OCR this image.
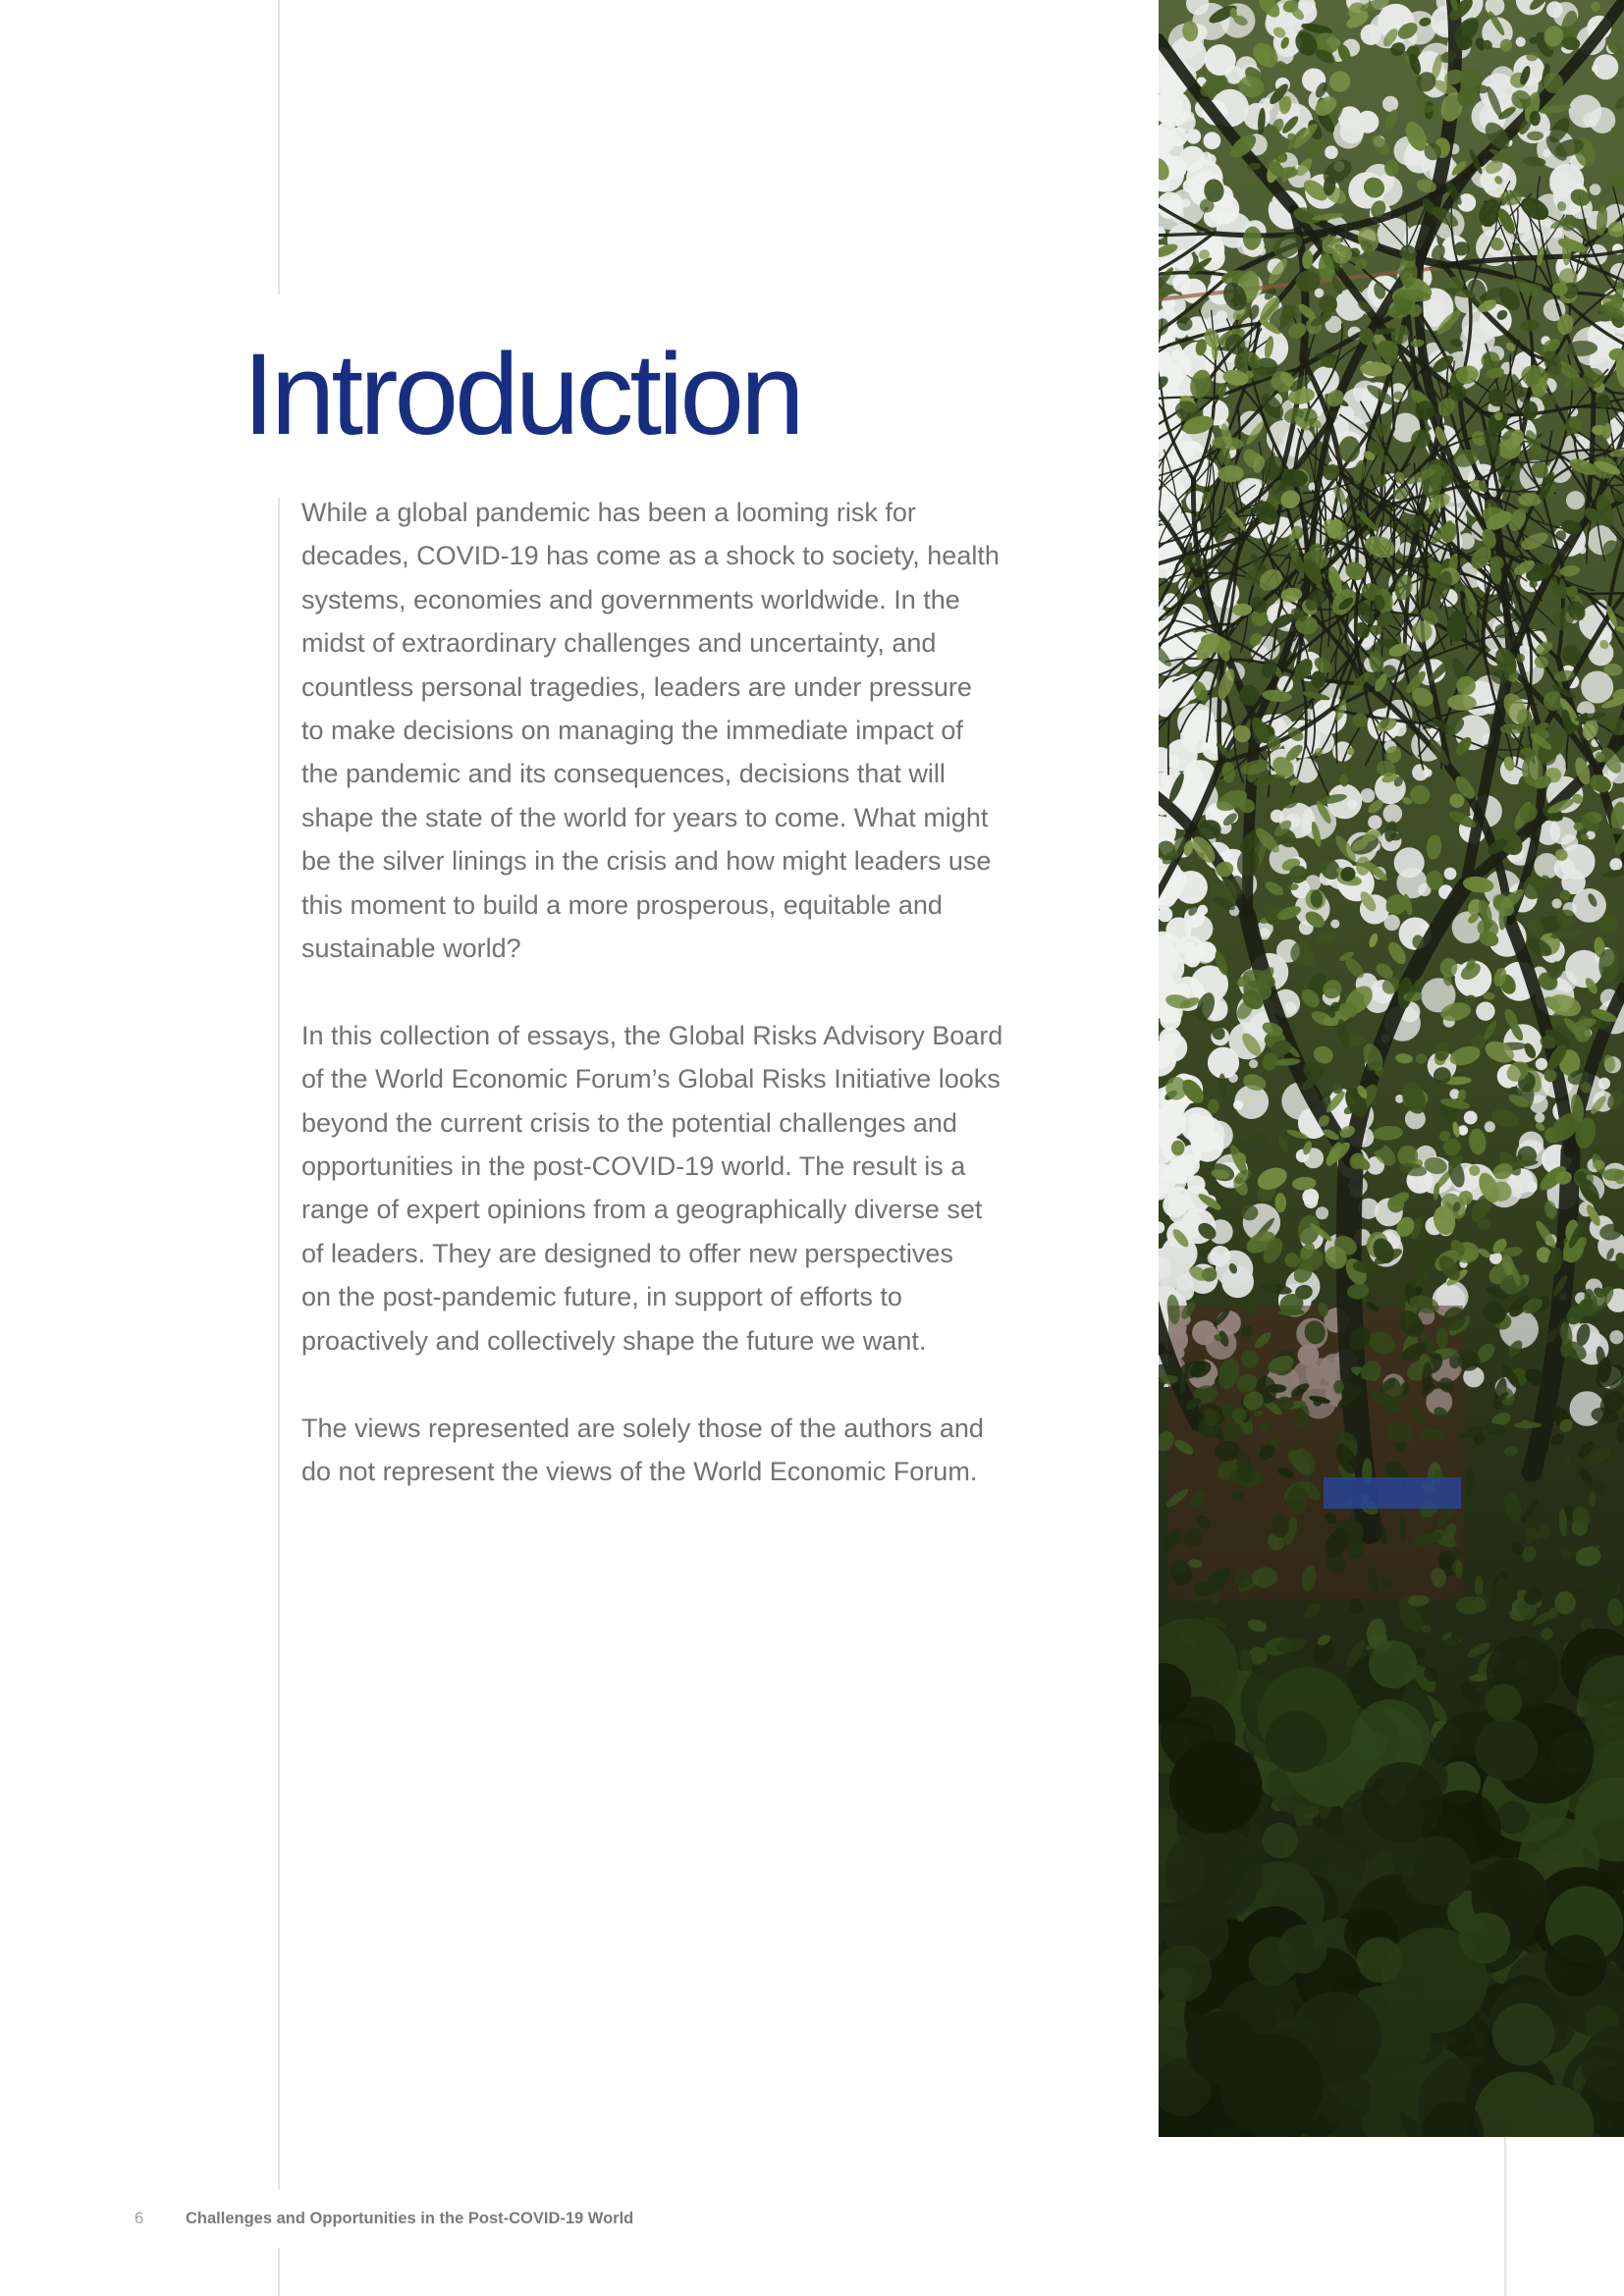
Introduction

While a global pandemic has been a looming risk for
decades, COVID-19 has come as a shock to society, health
systems, economies and governments worldwide. In the
midst of extraordinary challenges and uncertainty, and
countless personal tragedies, leaders are under pressure
to make decisions on managing the immediate impact of
the pandemic and its consequences, decisions that will
shape the state of the world for years to come. What might
be the silver linings in the crisis and how might leaders use
this moment to build a more prosperous, equitable and
sustainable world?

In this collection of essays, the Global Risks Advisory Board
of the World Economic Forum’s Global Risks Initiative looks
beyond the current crisis to the potential challenges and
opportunities in the post-COVID-19 world. The result is a
range of expert opinions from a geographically diverse set
of leaders. They are designed to offer new perspectives
on the post-pandemic future, in support of efforts to
proactively and collectively shape the future we want.

The views represented are solely those of the authors and
do not represent the views of the World Economic Forum.

6	Challenges and Opportunities in the Post-COVID-19 World
